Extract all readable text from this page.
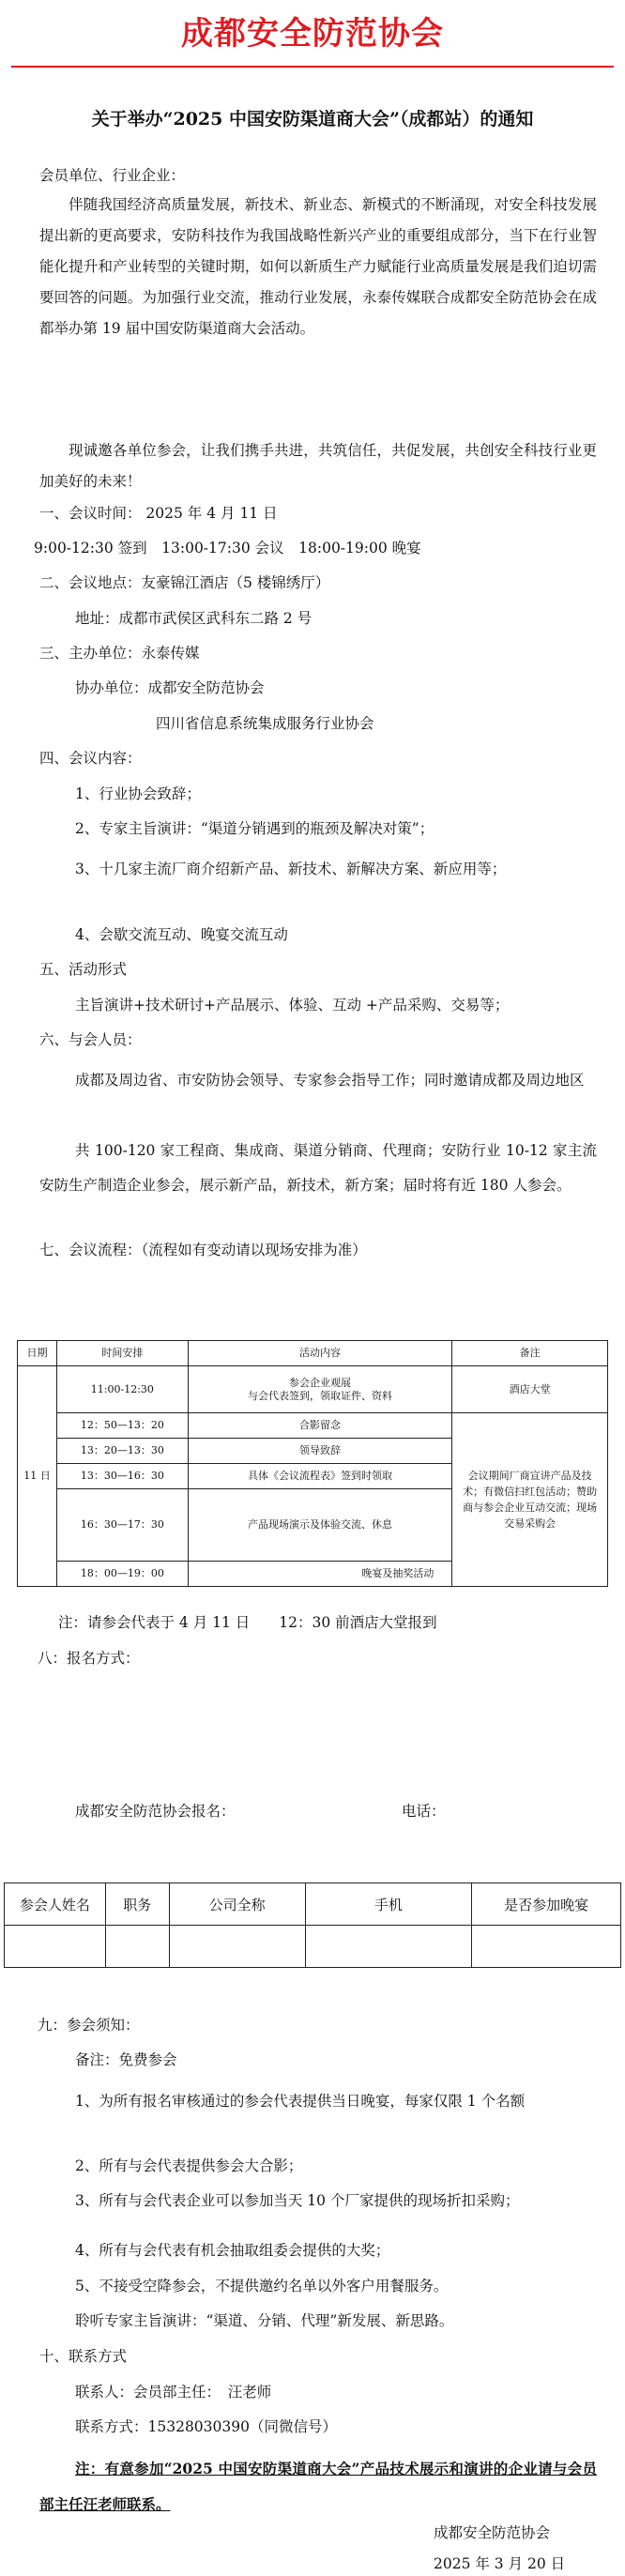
成都安全防范协会
关于举办“2025 中国安防渠道商大会”（成都站）的通知
会员单位、行业企业：
伴随我国经济高质量发展，新技术、新业态、新模式的不断涌现，对安全科技发展提出新的更高要求，安防科技作为我国战略性新兴产业的重要组成部分，当下在行业智能化提升和产业转型的关键时期，如何以新质生产力赋能行业高质量发展是我们迫切需要回答的问题。为加强行业交流，推动行业发展，永泰传媒联合成都安全防范协会在成都举办第 19 届中国安防渠道商大会活动。
现诚邀各单位参会，让我们携手共进，共筑信任，共促发展，共创安全科技行业更加美好的未来！
一、会议时间： 2025 年 4 月 11 日
9:00-12:30 签到　13:00-17:30 会议　18:00-19:00 晚宴
二、会议地点：友豪锦江酒店（5 楼锦绣厅）
地址：成都市武侯区武科东二路 2 号
三、主办单位：永泰传媒
协办单位：成都安全防范协会
四川省信息系统集成服务行业协会
四、会议内容：
1、行业协会致辞；
2、专家主旨演讲：“渠道分销遇到的瓶颈及解决对策”；
3、十几家主流厂商介绍新产品、新技术、新解决方案、新应用等；
4、会歇交流互动、晚宴交流互动
五、活动形式
主旨演讲+技术研讨+产品展示、体验、互动 +产品采购、交易等；
六、与会人员：
成都及周边省、市安防协会领导、专家参会指导工作；同时邀请成都及周边地区
共 100-120 家工程商、集成商、渠道分销商、代理商；安防行业 10-12 家主流安防生产制造企业参会，展示新产品，新技术，新方案；届时将有近 180 人参会。
七、会议流程：（流程如有变动请以现场安排为准）
日期	时间安排	活动内容	备注
11 日	11:00-12:30	参会企业观展
与会代表签到，领取证件、资料	酒店大堂
	12：50—13：20	合影留念	会议期间厂商宣讲产品及技术；有微信扫红包活动；赞助商与参会企业互动交流；现场交易采购会
	13：20—13：30	领导致辞	
	13：30—16：30	具体《会议流程表》签到时领取	
	16：30—17：30	产品现场演示及体验交流、休息	
	18：00—19：00	晚宴及抽奖活动	
注：请参会代表于 4 月 11 日　　12：30 前酒店大堂报到
八：报名方式：
成都安全防范协会报名：	电话：
参会人姓名	职务	公司全称	手机	是否参加晚宴

九：参会须知：
备注：免费参会
1、为所有报名审核通过的参会代表提供当日晚宴，每家仅限 1 个名额
2、所有与会代表提供参会大合影；
3、所有与会代表企业可以参加当天 10 个厂家提供的现场折扣采购；
4、所有与会代表有机会抽取组委会提供的大奖；
5、不接受空降参会，不提供邀约名单以外客户用餐服务。
聆听专家主旨演讲：“渠道、分销、代理”新发展、新思路。
十、联系方式
联系人：会员部主任：　汪老师
联系方式：15328030390（同微信号）
注：有意参加“2025 中国安防渠道商大会”产品技术展示和演讲的企业请与会员部主任汪老师联系。
成都安全防范协会
2025 年 3 月 20 日
